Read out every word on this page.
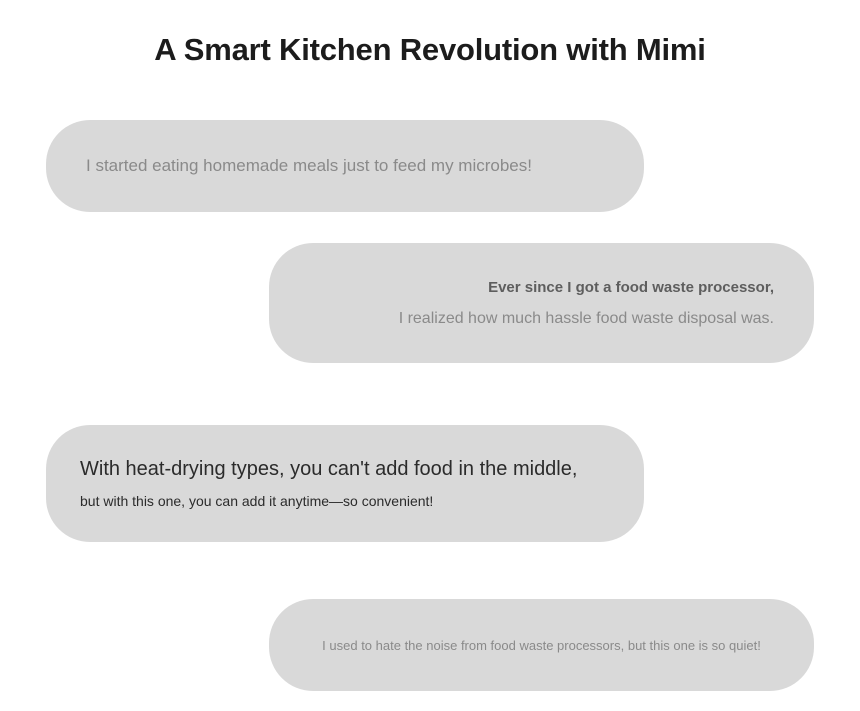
A Smart Kitchen Revolution with Mimi

I started eating homemade meals just to feed my microbes!

Ever since I got a food waste processor,

I realized how much hassle food waste disposal was.

With heat-drying types, you can't add food in the middle,

but with this one, you can add it anytime—so convenient!

I used to hate the noise from food waste processors, but this one is so quiet!
